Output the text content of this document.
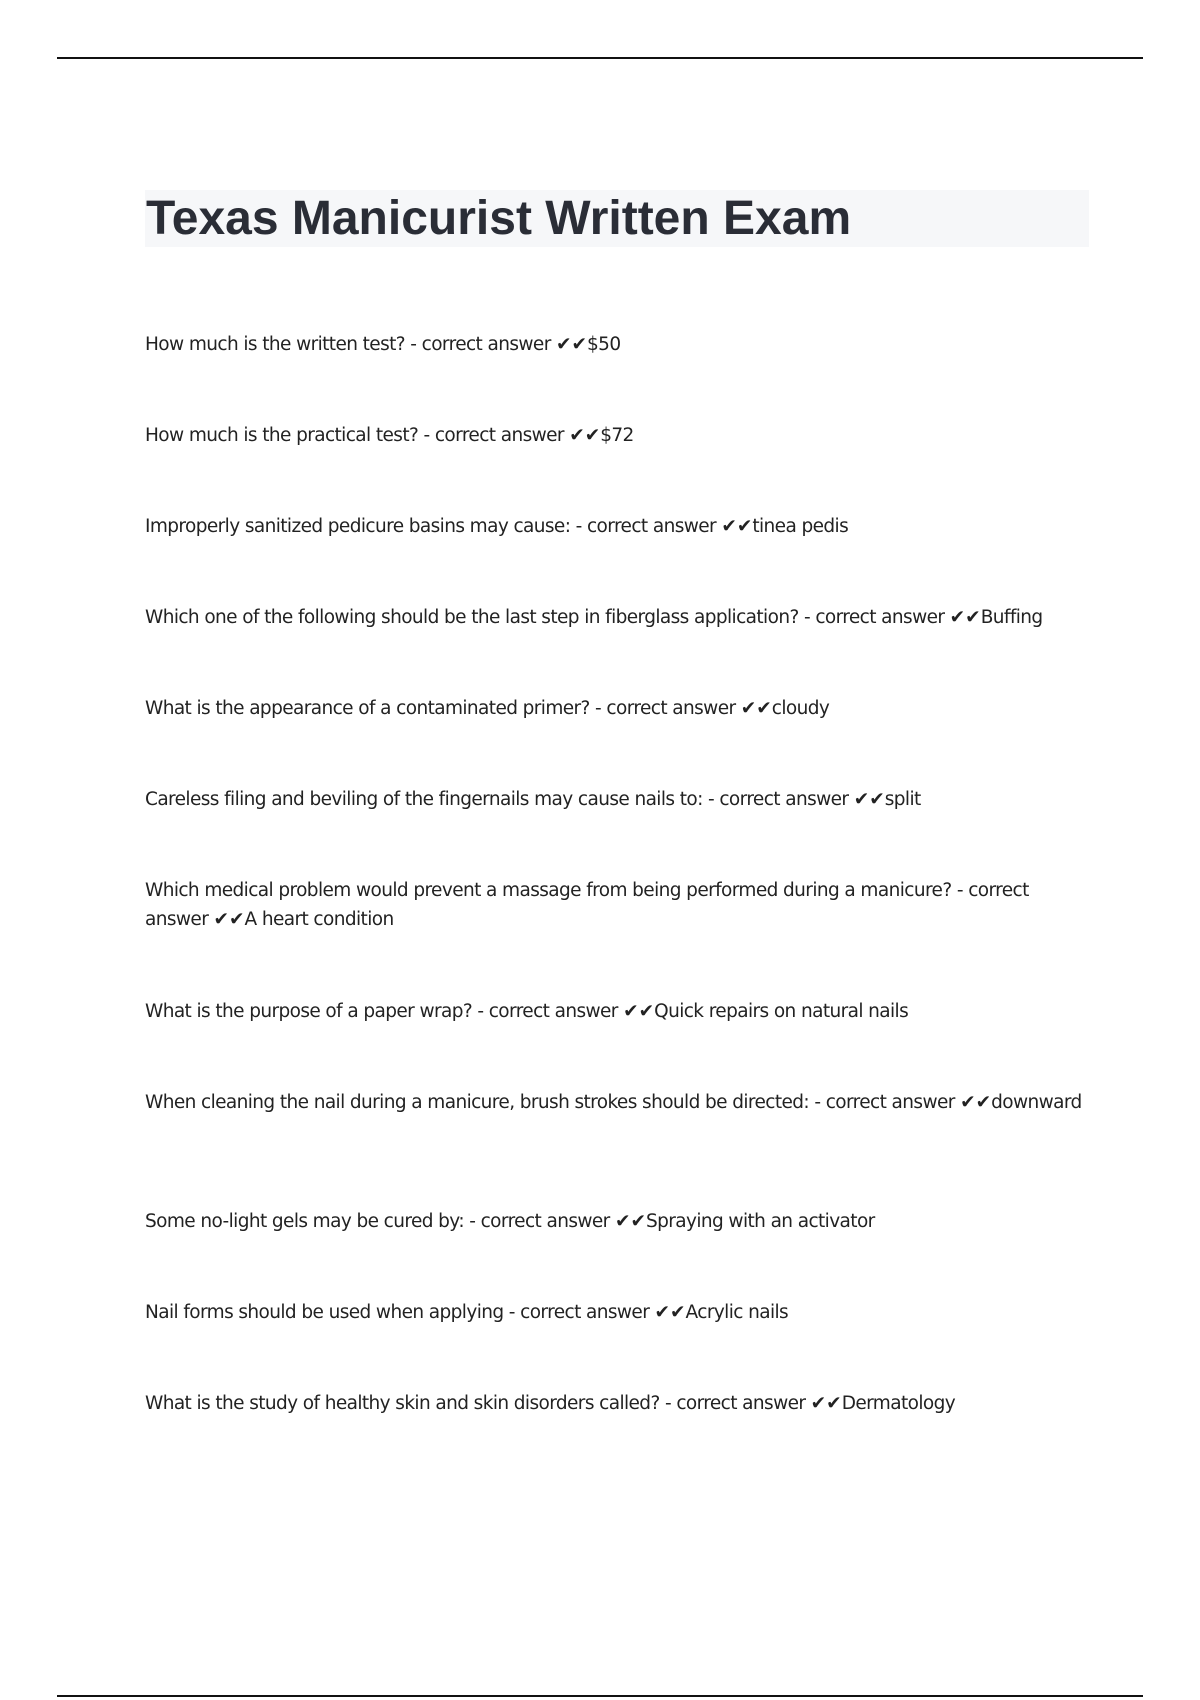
Texas Manicurist Written Exam
How much is the written test? - correct answer ✔✔$50
How much is the practical test? - correct answer ✔✔$72
Improperly sanitized pedicure basins may cause: - correct answer ✔✔tinea pedis
Which one of the following should be the last step in fiberglass application? - correct answer ✔✔Buffing
What is the appearance of a contaminated primer? - correct answer ✔✔cloudy
Careless filing and beviling of the fingernails may cause nails to: - correct answer ✔✔split
Which medical problem would prevent a massage from being performed during a manicure? - correct answer ✔✔A heart condition
What is the purpose of a paper wrap? - correct answer ✔✔Quick repairs on natural nails
When cleaning the nail during a manicure, brush strokes should be directed: - correct answer ✔✔downward
Some no-light gels may be cured by: - correct answer ✔✔Spraying with an activator
Nail forms should be used when applying - correct answer ✔✔Acrylic nails
What is the study of healthy skin and skin disorders called? - correct answer ✔✔Dermatology
